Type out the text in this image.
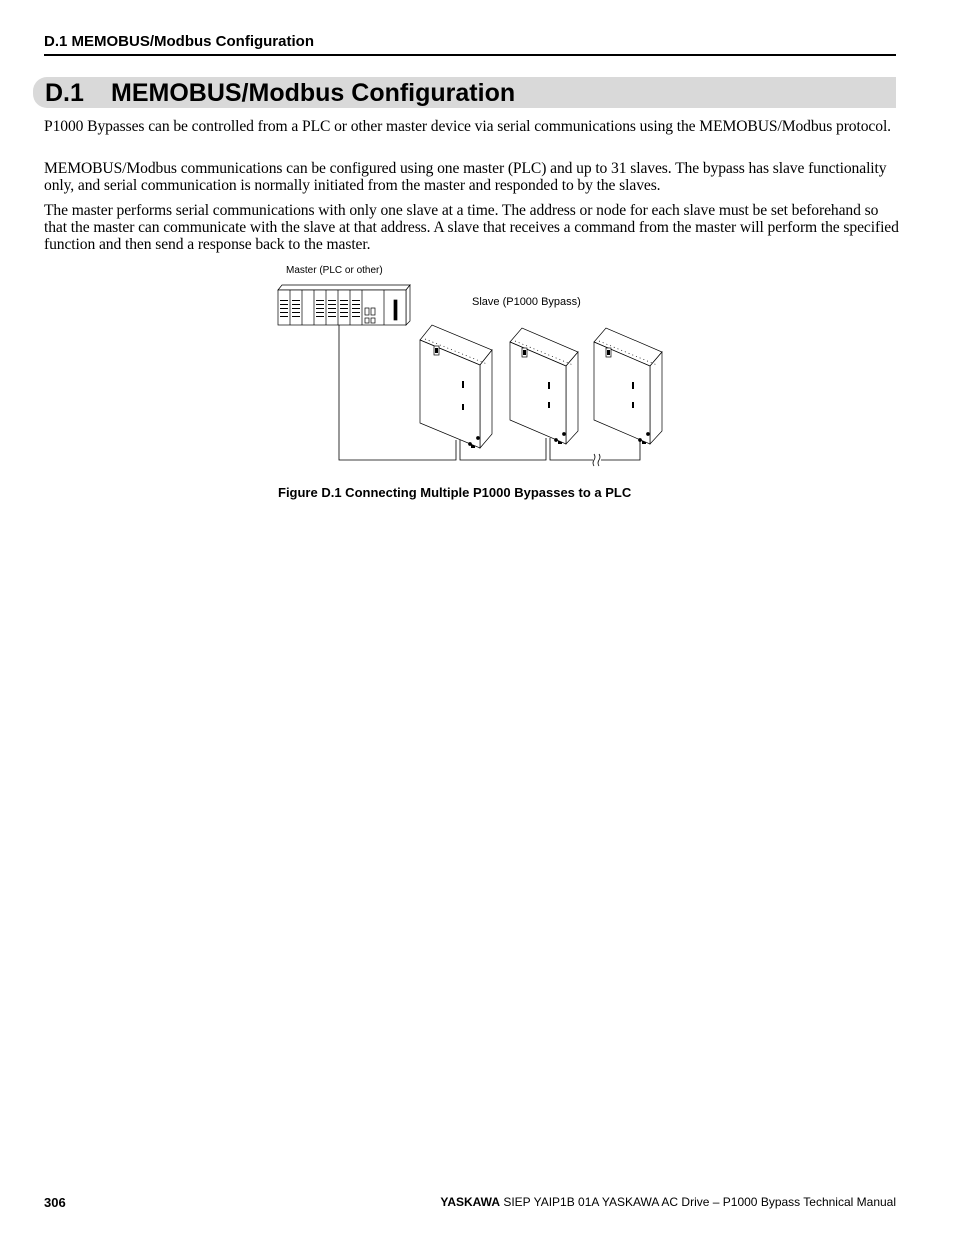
D.1 MEMOBUS/Modbus Configuration
D.1 MEMOBUS/Modbus Configuration

P1000 Bypasses can be controlled from a PLC or other master device via serial communications using the MEMOBUS/Modbus protocol.

MEMOBUS/Modbus communications can be configured using one master (PLC) and up to 31 slaves. The bypass has slave functionality only, and serial communication is normally initiated from the master and responded to by the slaves.

The master performs serial communications with only one slave at a time. The address or node for each slave must be set beforehand so that the master can communicate with the slave at that address. A slave that receives a command from the master will perform the specified function and then send a response back to the master.

Master (PLC or other)
Slave (P1000 Bypass)
Figure D.1 Connecting Multiple P1000 Bypasses to a PLC
306	YASKAWA SIEP YAIP1B 01A YASKAWA AC Drive – P1000 Bypass Technical Manual
